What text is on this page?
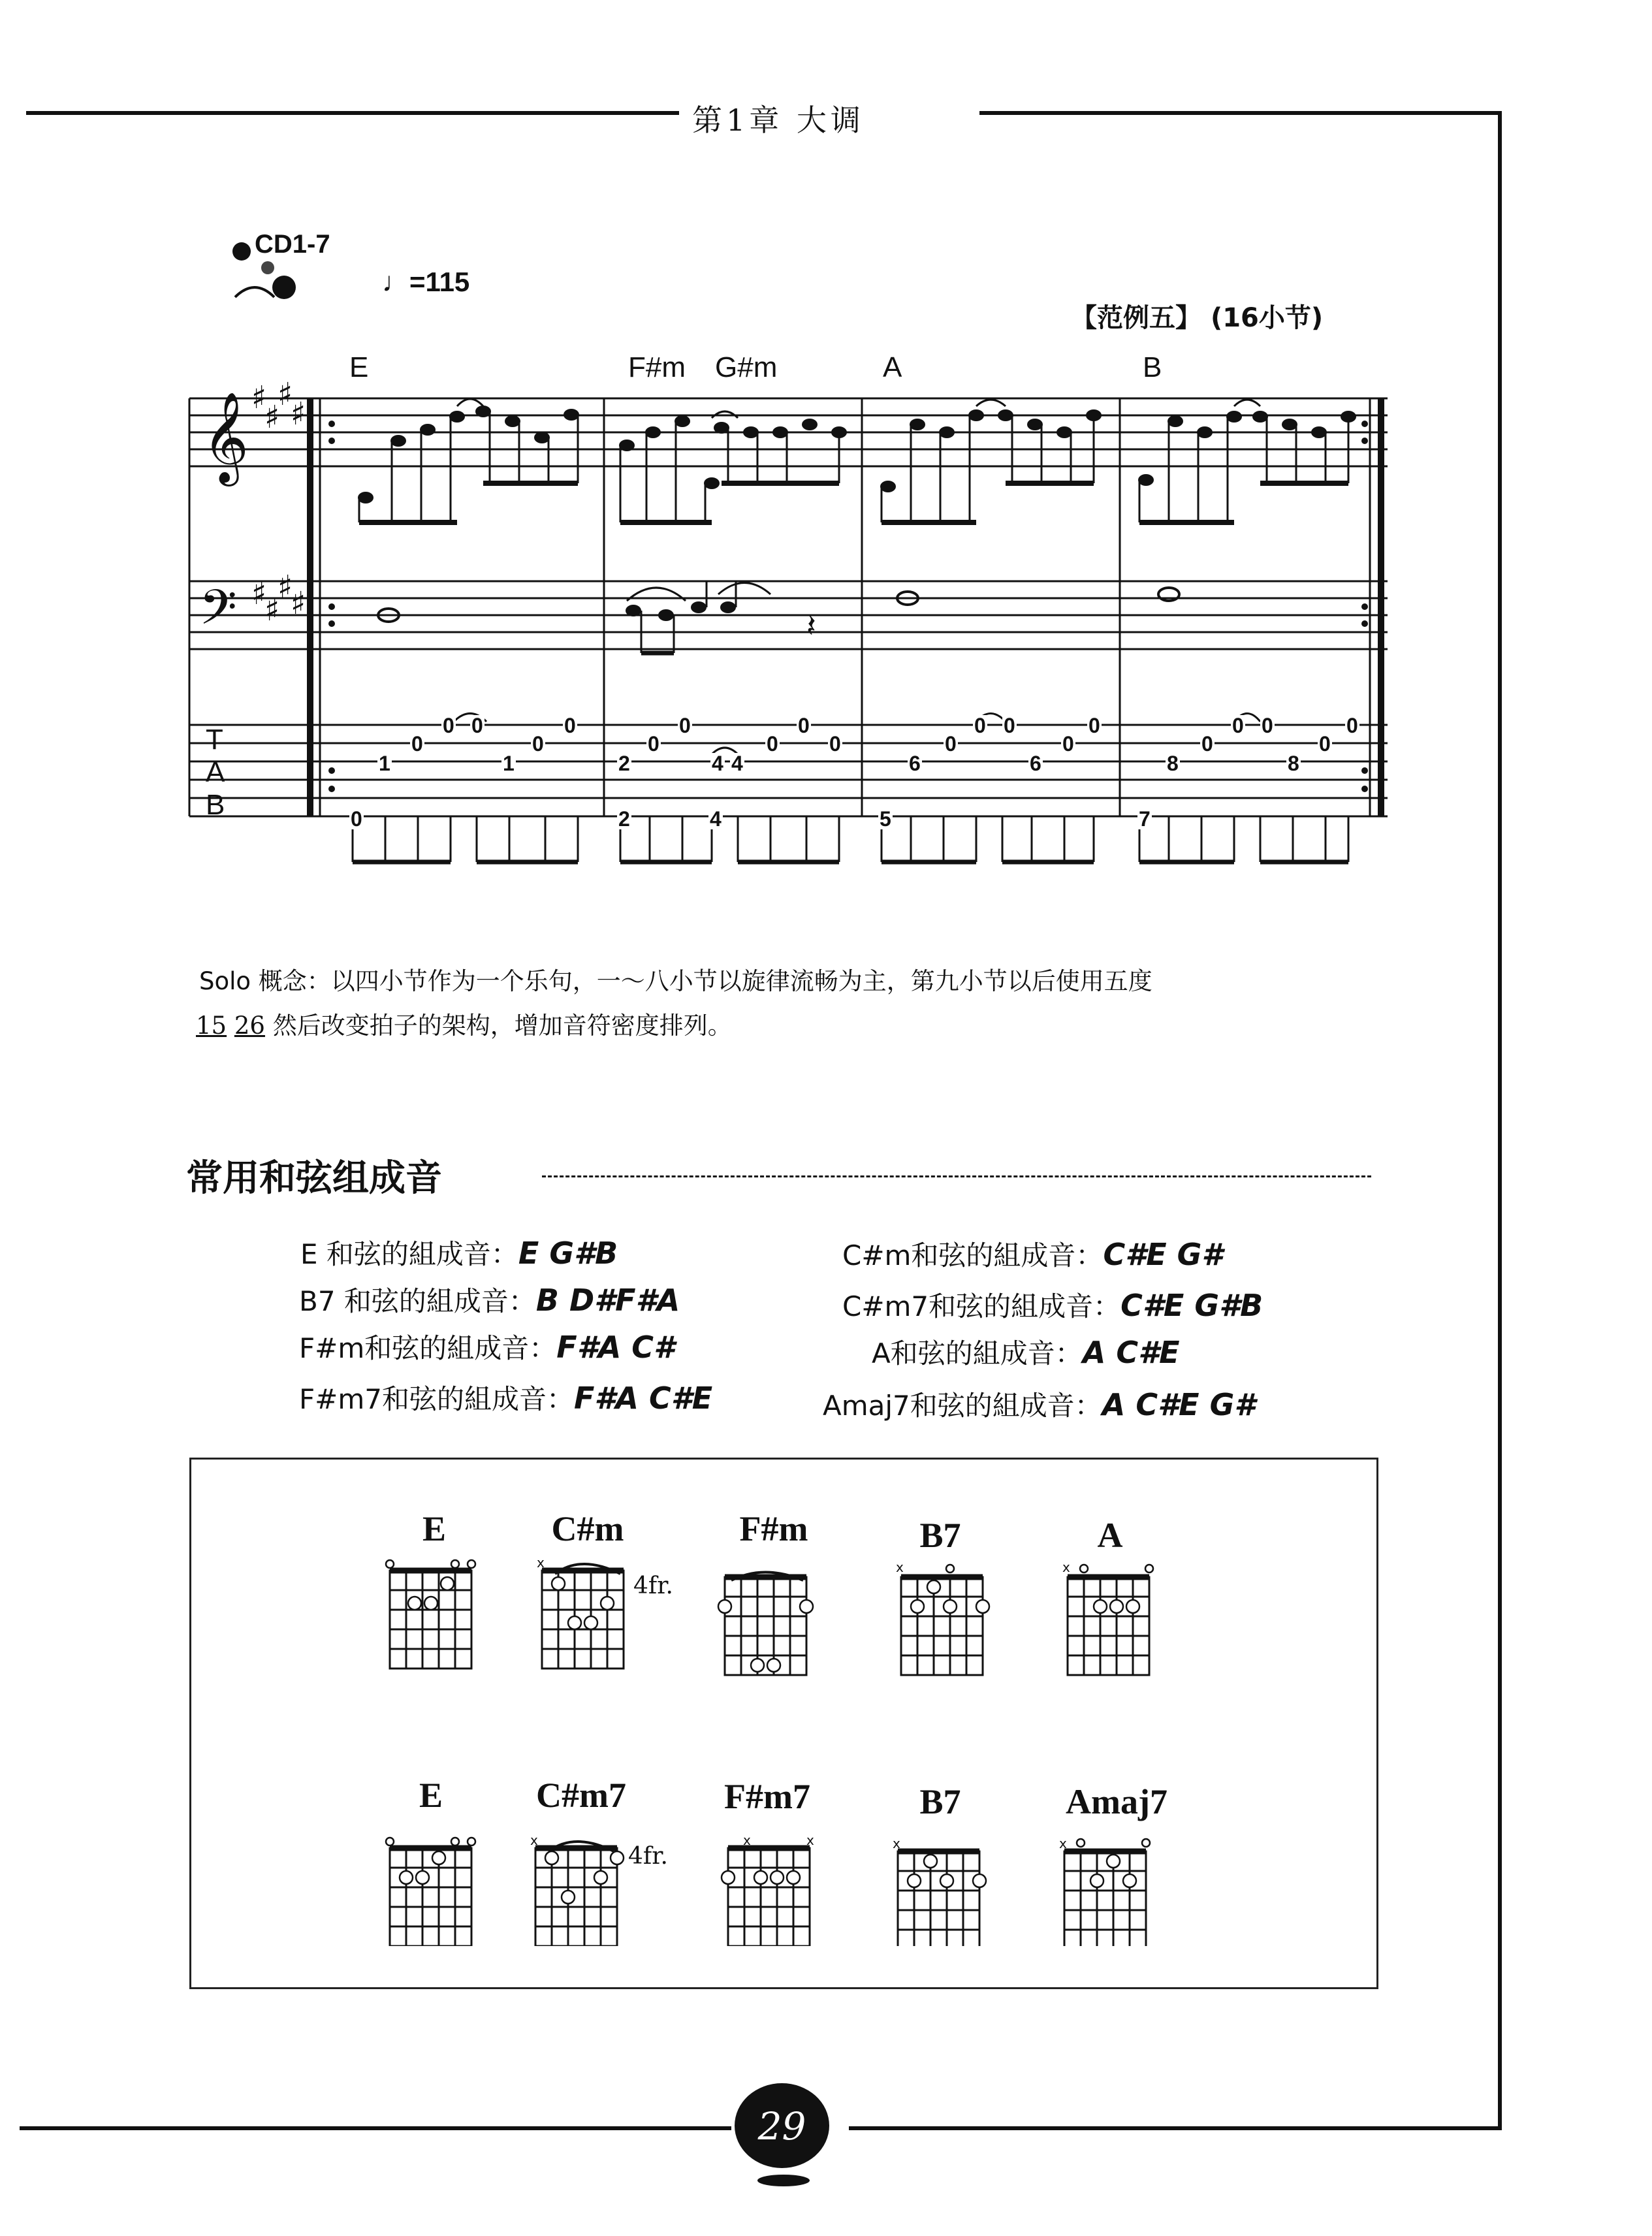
第1章 大调
CD1-7
♩=115
【范例五】 (16小节)
𝄞
𝄢
♯
♯
♯
♯
♯
♯
♯
♯
𝄽
E	F#m G#m	A	B
T
A
B
1
0
0 0
1
0
0
0
2
0
0
4 4
0
0
0
2	4
6
0
0 0
6
0
0
5
8
0
0 0
8
0
0
7
Solo 概念：以四小节作为一个乐句，一～八小节以旋律流畅为主，第九小节以后使用五度
15 26 然后改变拍子的架构，增加音符密度排列。
常用和弦组成音
E 和弦的組成音：E G#B
B7 和弦的組成音：B D#F#A
F#m和弦的組成音：F#A C#
F#m7和弦的組成音：F#A C#E
C#m和弦的組成音：C#E G#
C#m7和弦的組成音：C#E G#B
A和弦的組成音：A C#E
Amaj7和弦的組成音：A C#E G#
E	C#m	F#m	B7	A
4fr.
E	C#m7	F#m7	B7	Amaj7
4fr.
x	x	x
x	x	x	x	x
29
